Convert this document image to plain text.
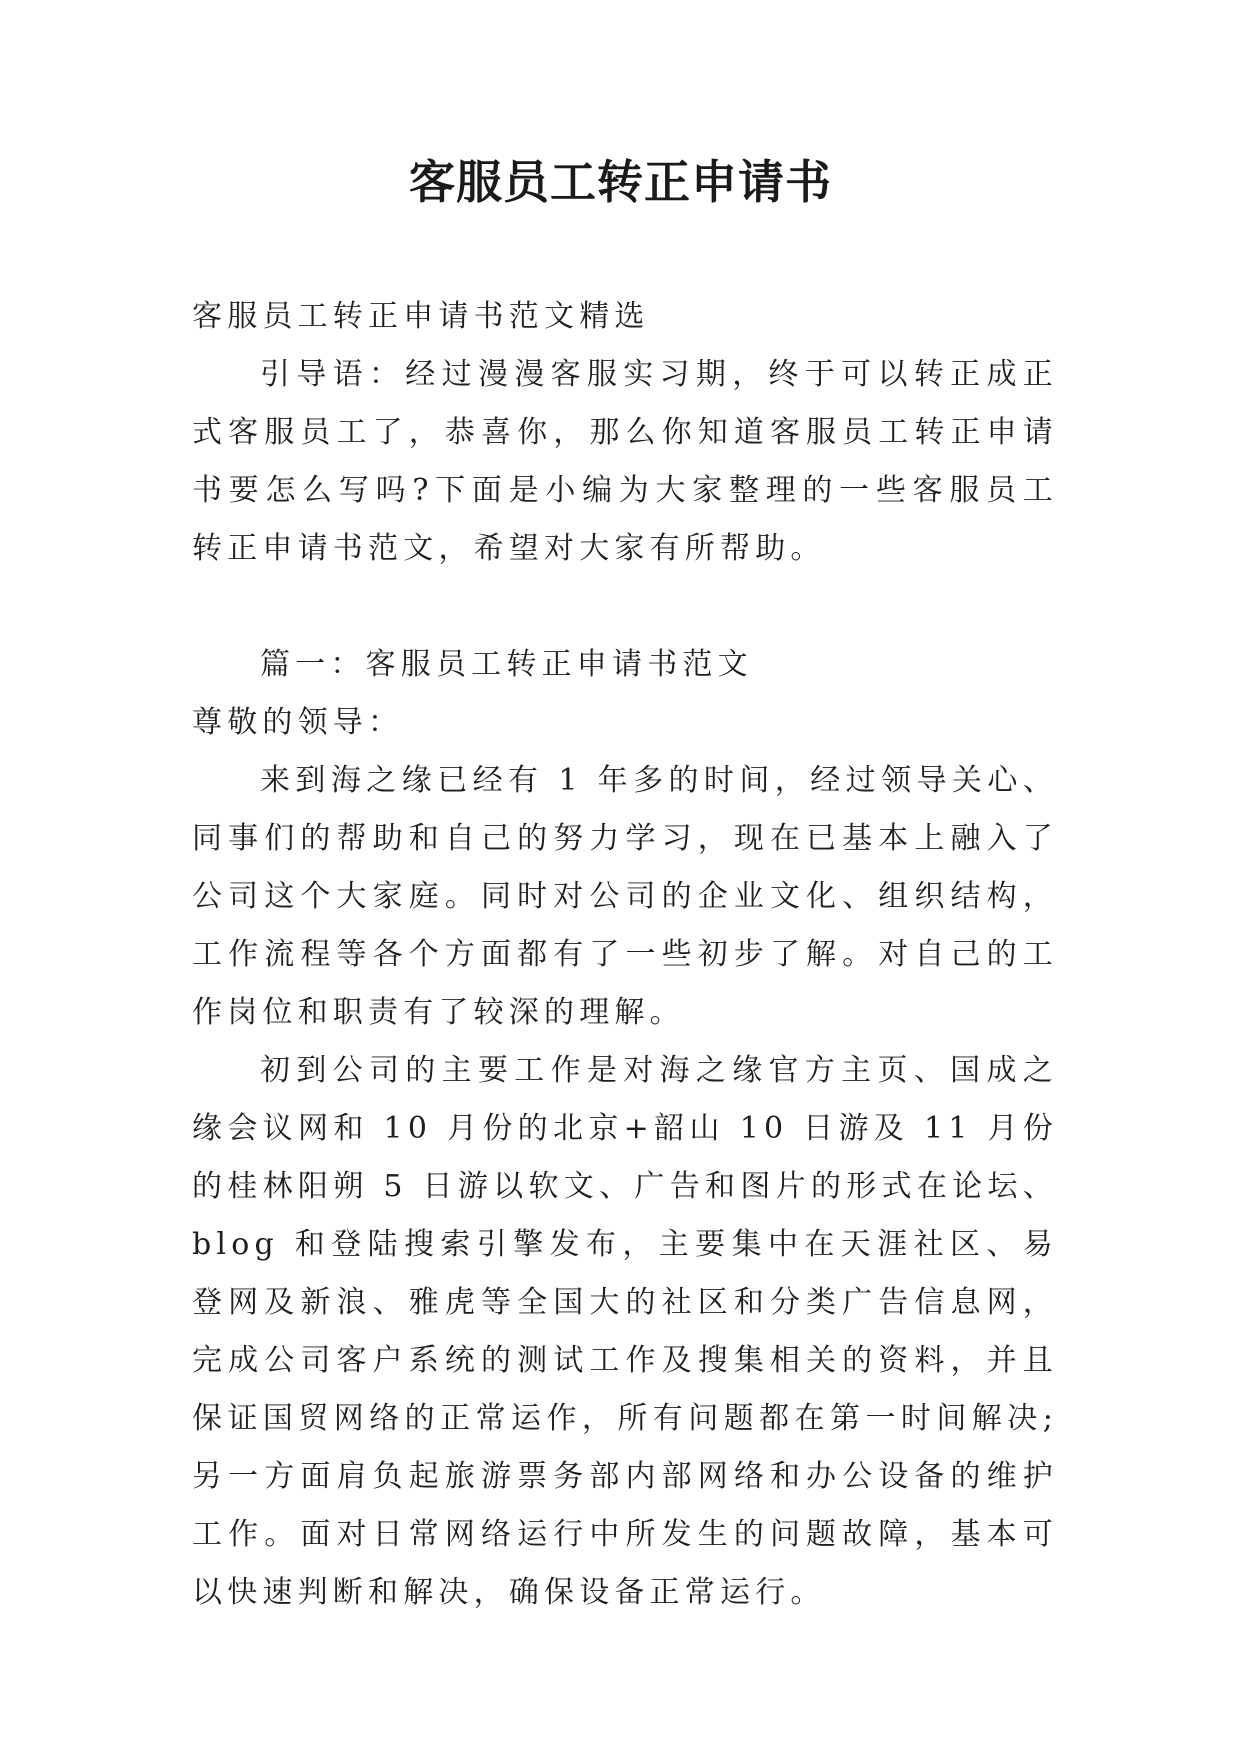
客服员工转正申请书

客服员工转正申请书范文精选

引导语：经过漫漫客服实习期，终于可以转正成正式客服员工了，恭喜你，那么你知道客服员工转正申请书要怎么写吗?下面是小编为大家整理的一些客服员工转正申请书范文，希望对大家有所帮助。

篇一：客服员工转正申请书范文

尊敬的领导：

来到海之缘已经有 1 年多的时间，经过领导关心、同事们的帮助和自己的努力学习，现在已基本上融入了公司这个大家庭。同时对公司的企业文化、组织结构，工作流程等各个方面都有了一些初步了解。对自己的工作岗位和职责有了较深的理解。

初到公司的主要工作是对海之缘官方主页、国成之缘会议网和 10 月份的北京+韶山 10 日游及 11 月份的桂林阳朔 5 日游以软文、广告和图片的形式在论坛、blog 和登陆搜索引擎发布，主要集中在天涯社区、易登网及新浪、雅虎等全国大的社区和分类广告信息网，完成公司客户系统的测试工作及搜集相关的资料，并且保证国贸网络的正常运作，所有问题都在第一时间解决;另一方面肩负起旅游票务部内部网络和办公设备的维护工作。面对日常网络运行中所发生的问题故障，基本可以快速判断和解决，确保设备正常运行。
